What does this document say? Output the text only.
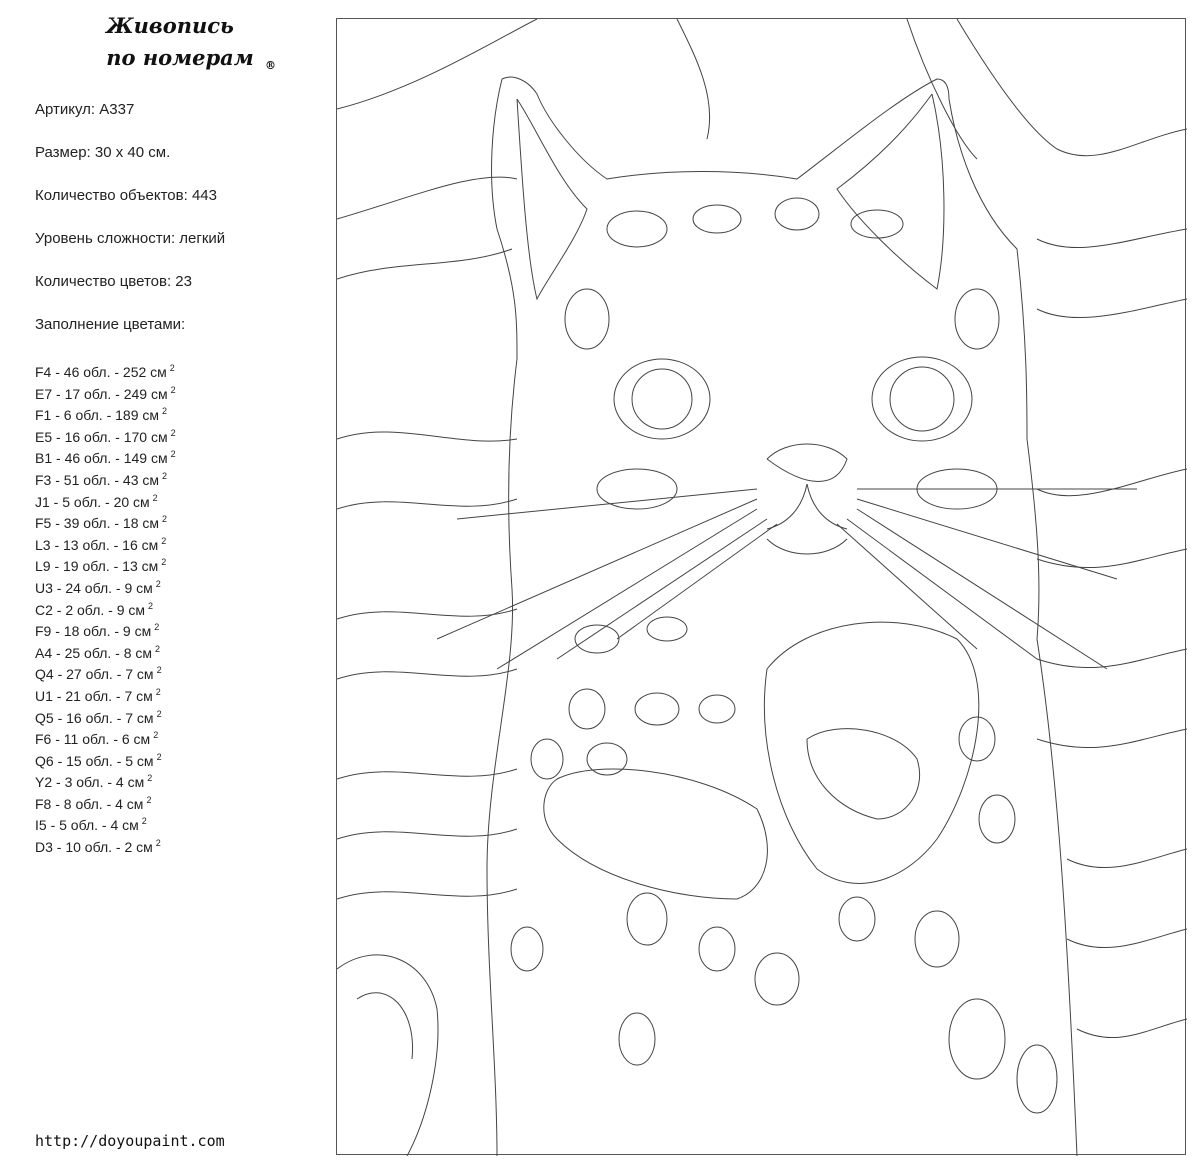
Живопись
по номерам	®
Артикул: A337
Размер: 30 х 40 см.
Количество объектов: 443
Уровень сложности: легкий
Количество цветов: 23
Заполнение цветами:
F4 - 46 обл. - 252 см $^2$
E7 - 17 обл. - 249 см $^2$
F1 - 6 обл. - 189 см $^2$
E5 - 16 обл. - 170 см $^2$
B1 - 46 обл. - 149 см $^2$
F3 - 51 обл. - 43 см $^2$
J1 - 5 обл. - 20 см $^2$
F5 - 39 обл. - 18 см $^2$
L3 - 13 обл. - 16 см $^2$
L9 - 19 обл. - 13 см $^2$
U3 - 24 обл. - 9 см $^2$
C2 - 2 обл. - 9 см $^2$
F9 - 18 обл. - 9 см $^2$
A4 - 25 обл. - 8 см $^2$
Q4 - 27 обл. - 7 см $^2$
U1 - 21 обл. - 7 см $^2$
Q5 - 16 обл. - 7 см $^2$
F6 - 11 обл. - 6 см $^2$
Q6 - 15 обл. - 5 см $^2$
Y2 - 3 обл. - 4 см $^2$
F8 - 8 обл. - 4 см $^2$
I5 - 5 обл. - 4 см $^2$
D3 - 10 обл. - 2 см $^2$
http://doyoupaint.com
